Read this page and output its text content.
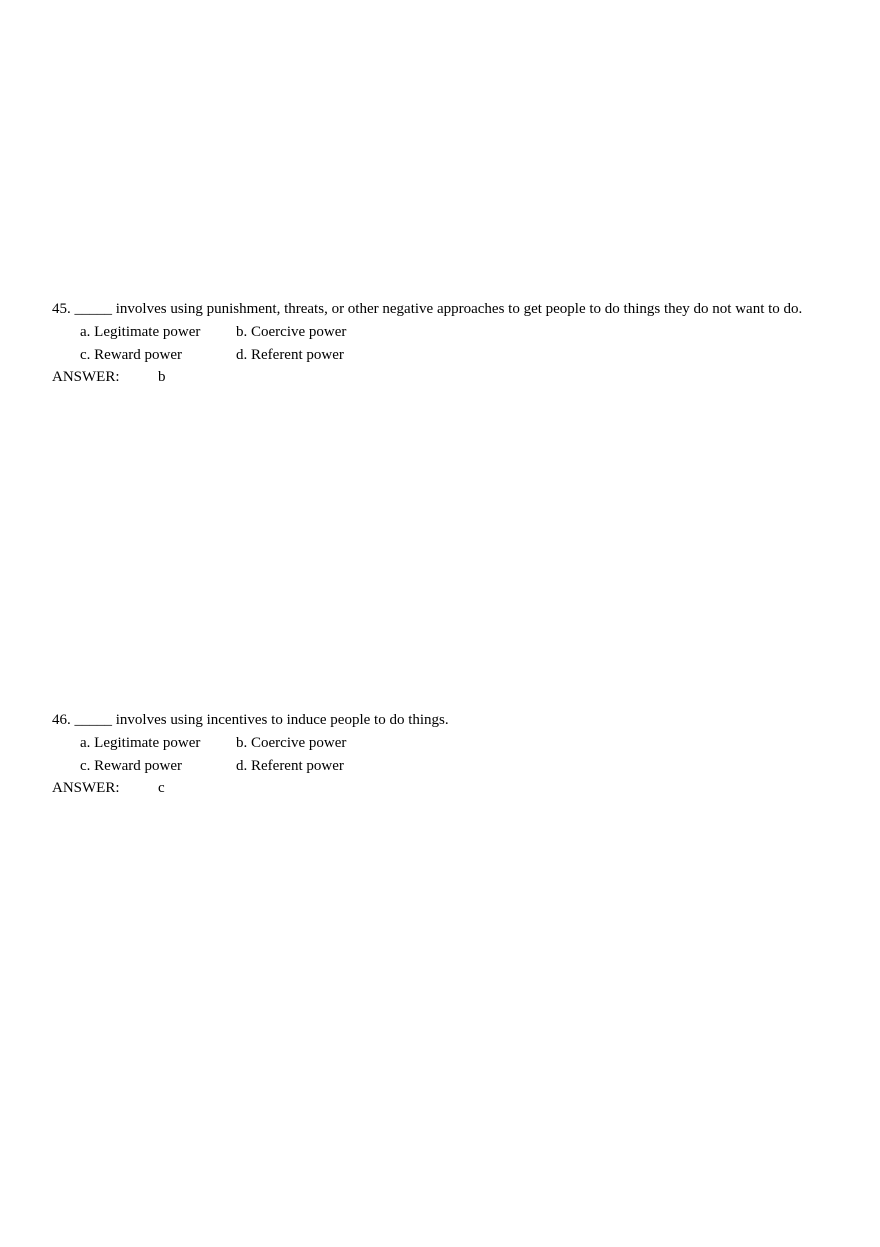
45. _____ involves using punishment, threats, or other negative approaches to get people to do things they do not want to do.

a. Legitimate power	b. Coercive power
c. Reward power	d. Referent power
ANSWER:	b

46. _____ involves using incentives to induce people to do things.

a. Legitimate power	b. Coercive power
c. Reward power	d. Referent power
ANSWER:	c
